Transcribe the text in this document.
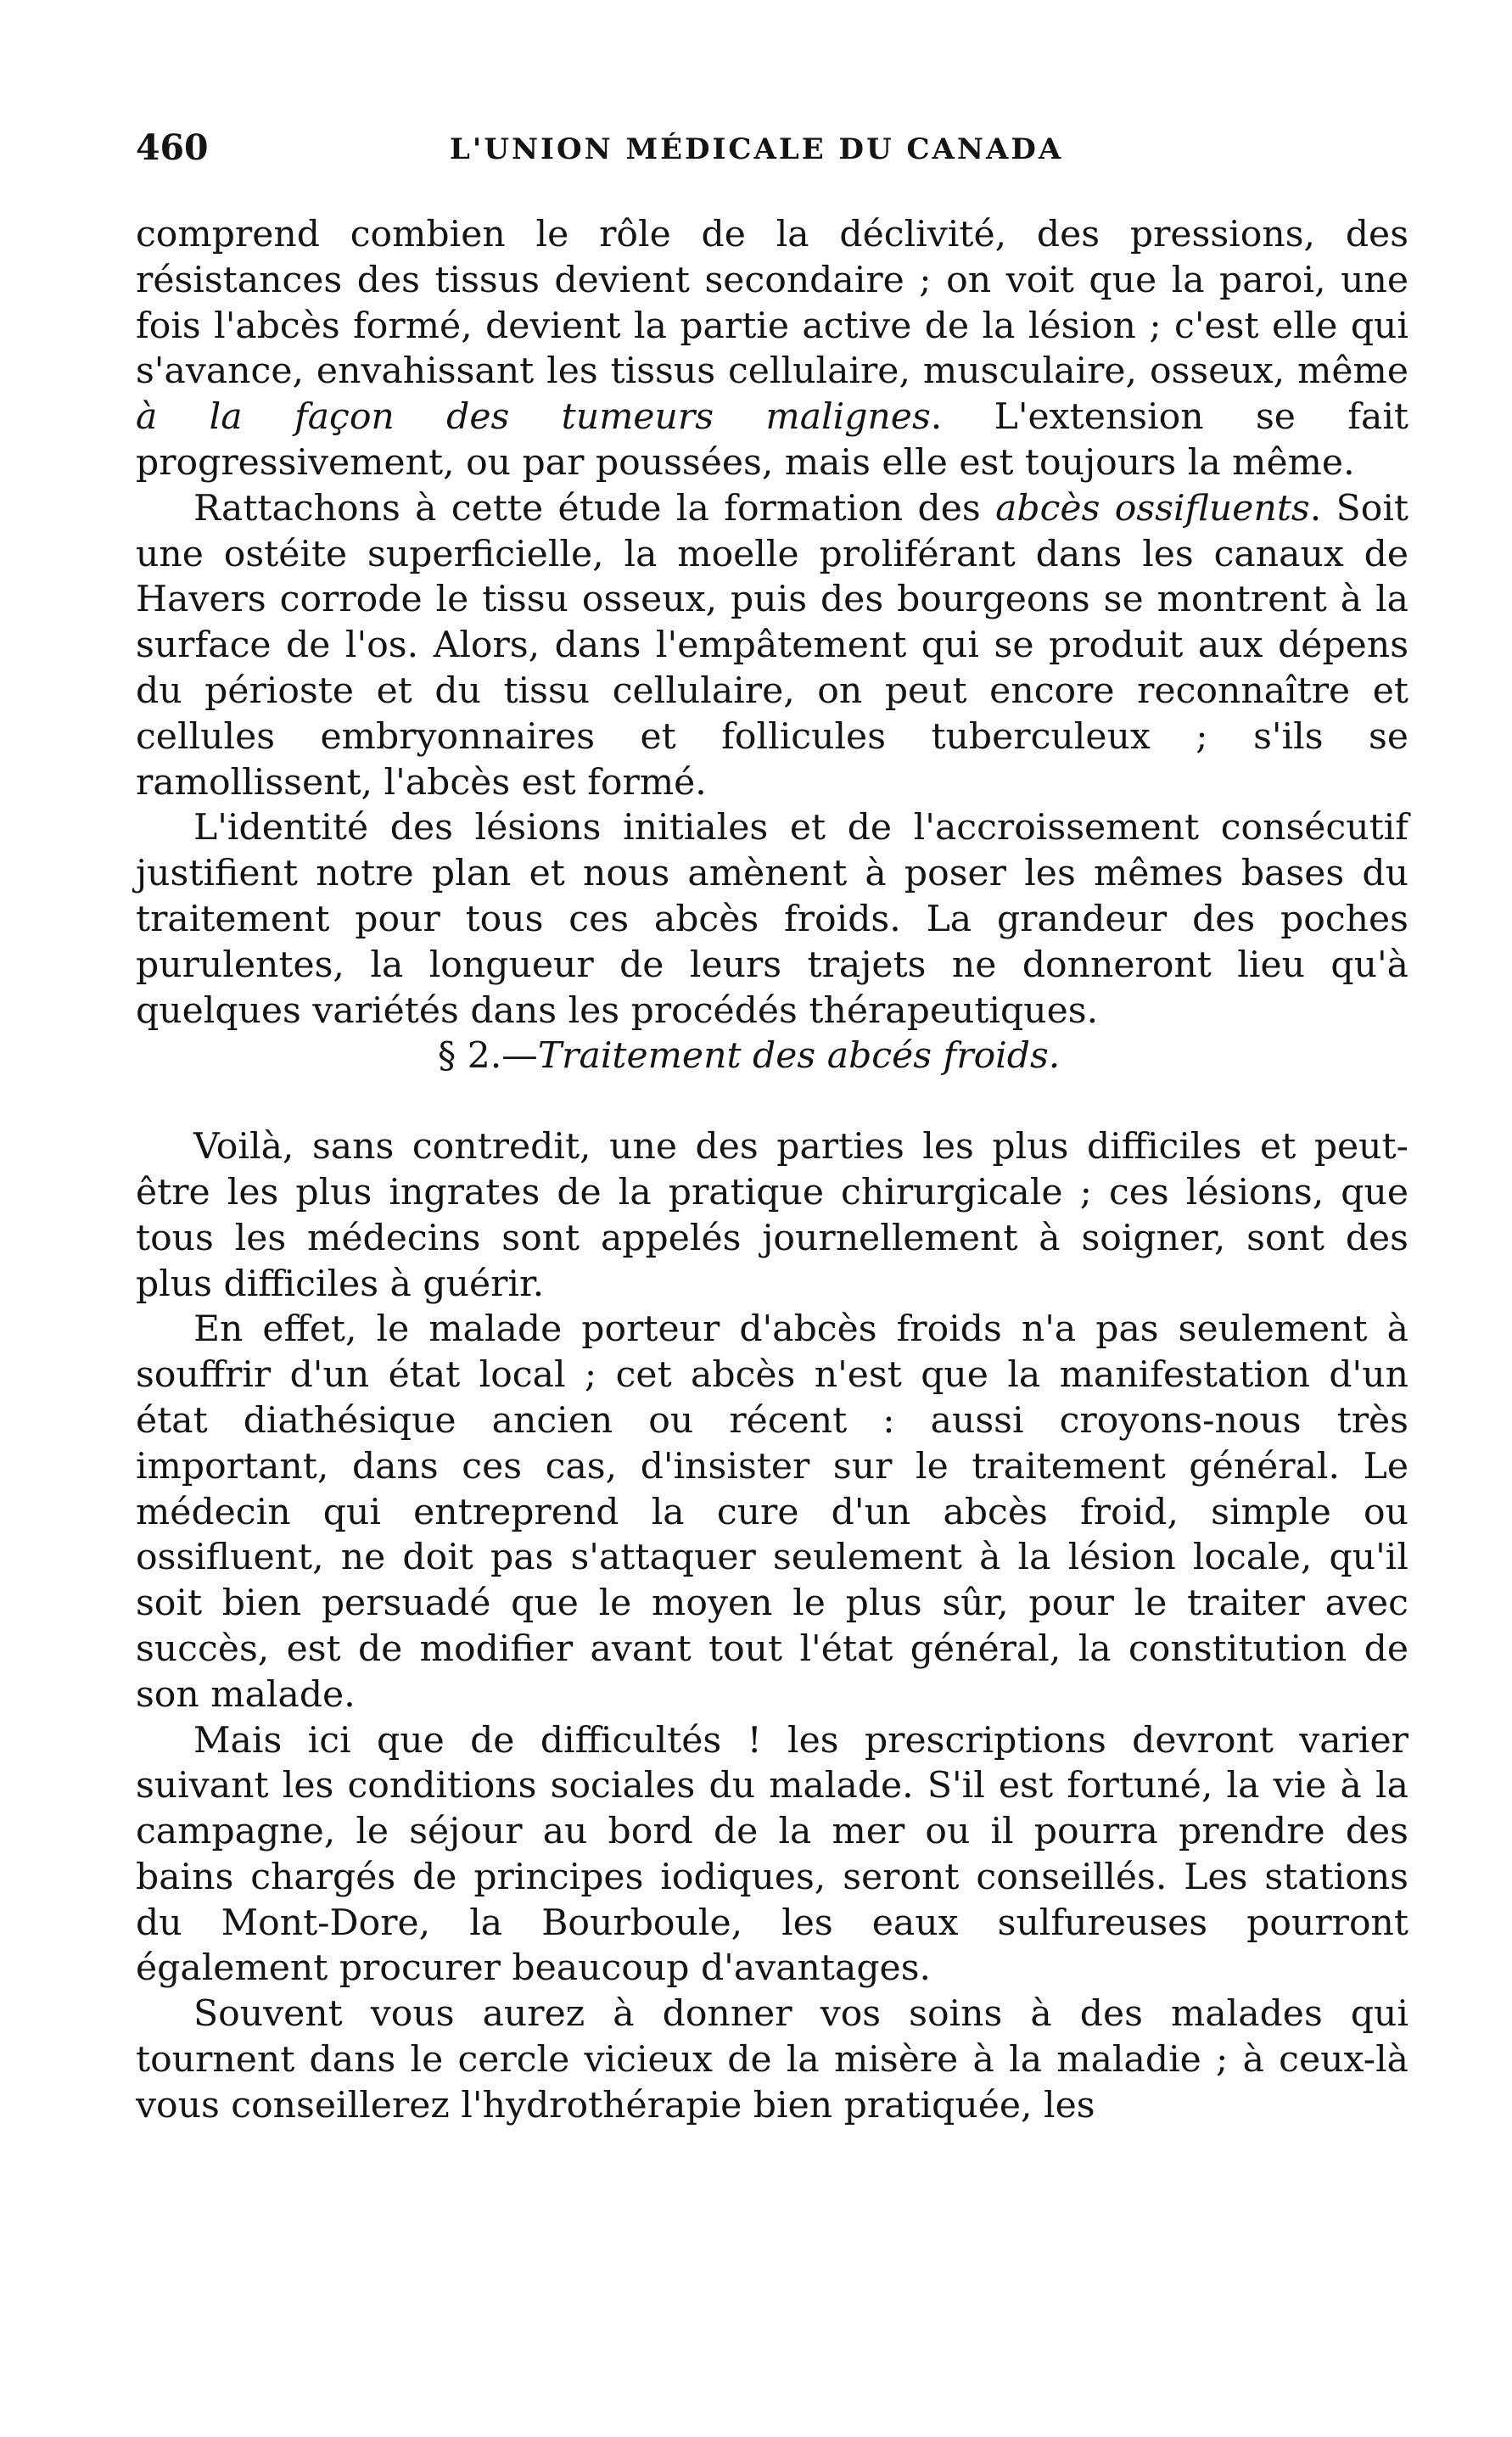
460	L'UNION MÉDICALE DU CANADA

comprend combien le rôle de la déclivité, des pressions, des résistances des tissus devient secondaire ; on voit que la paroi, une fois l'abcès formé, devient la partie active de la lésion ; c'est elle qui s'avance, envahissant les tissus cellulaire, musculaire, osseux, même à la façon des tumeurs malignes. L'extension se fait progressivement, ou par poussées, mais elle est toujours la même.

Rattachons à cette étude la formation des abcès ossifluents. Soit une ostéite superficielle, la moelle proliférant dans les canaux de Havers corrode le tissu osseux, puis des bourgeons se montrent à la surface de l'os. Alors, dans l'empâtement qui se produit aux dépens du périoste et du tissu cellulaire, on peut encore reconnaître et cellules embryonnaires et follicules tuberculeux ; s'ils se ramollissent, l'abcès est formé.

L'identité des lésions initiales et de l'accroissement consécutif justifient notre plan et nous amènent à poser les mêmes bases du traitement pour tous ces abcès froids. La grandeur des poches purulentes, la longueur de leurs trajets ne donneront lieu qu'à quelques variétés dans les procédés thérapeutiques.

§ 2.—Traitement des abcés froids.

Voilà, sans contredit, une des parties les plus difficiles et peut-être les plus ingrates de la pratique chirurgicale ; ces lésions, que tous les médecins sont appelés journellement à soigner, sont des plus difficiles à guérir.

En effet, le malade porteur d'abcès froids n'a pas seulement à souffrir d'un état local ; cet abcès n'est que la manifestation d'un état diathésique ancien ou récent : aussi croyons-nous très important, dans ces cas, d'insister sur le traitement général. Le médecin qui entreprend la cure d'un abcès froid, simple ou ossifluent, ne doit pas s'attaquer seulement à la lésion locale, qu'il soit bien persuadé que le moyen le plus sûr, pour le traiter avec succès, est de modifier avant tout l'état général, la constitution de son malade.

Mais ici que de difficultés ! les prescriptions devront varier suivant les conditions sociales du malade. S'il est fortuné, la vie à la campagne, le séjour au bord de la mer ou il pourra prendre des bains chargés de principes iodiques, seront conseillés. Les stations du Mont-Dore, la Bourboule, les eaux sulfureuses pourront également procurer beaucoup d'avantages.

Souvent vous aurez à donner vos soins à des malades qui tournent dans le cercle vicieux de la misère à la maladie ; à ceux-là vous conseillerez l'hydrothérapie bien pratiquée, les
